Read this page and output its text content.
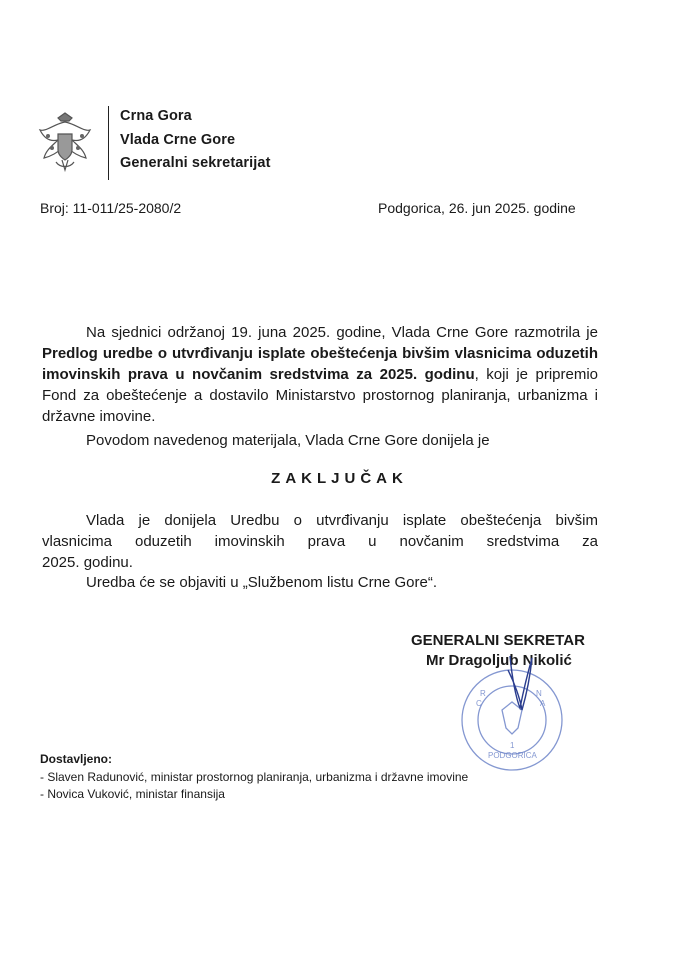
Crna Gora
Vlada Crne Gore
Generalni sekretarijat
Broj: 11-011/25-2080/2	Podgorica, 26. jun 2025. godine
Na sjednici održanoj 19. juna 2025. godine, Vlada Crne Gore razmotrila je Predlog uredbe o utvrđivanju isplate obeštećenja bivšim vlasnicima oduzetih imovinskih prava u novčanim sredstvima za 2025. godinu, koji je pripremio Fond za obeštećenje a dostavilo Ministarstvo prostornog planiranja, urbanizma i državne imovine.
Povodom navedenog materijala, Vlada Crne Gore donijela je
ZAKLJUČAK
Vlada je donijela Uredbu o utvrđivanju isplate obeštećenja bivšim
vlasnicima oduzetih imovinskih prava u novčanim sredstvima za
2025. godinu.
Uredba će se objaviti u „Službenom listu Crne Gore“.
C
R
A
N
PODGORICA
1
GENERALNI SEKRETAR
Mr Dragoljub Nikolić
Dostavljeno:
- Slaven Radunović, ministar prostornog planiranja, urbanizma i državne imovine
- Novica Vuković, ministar finansija
